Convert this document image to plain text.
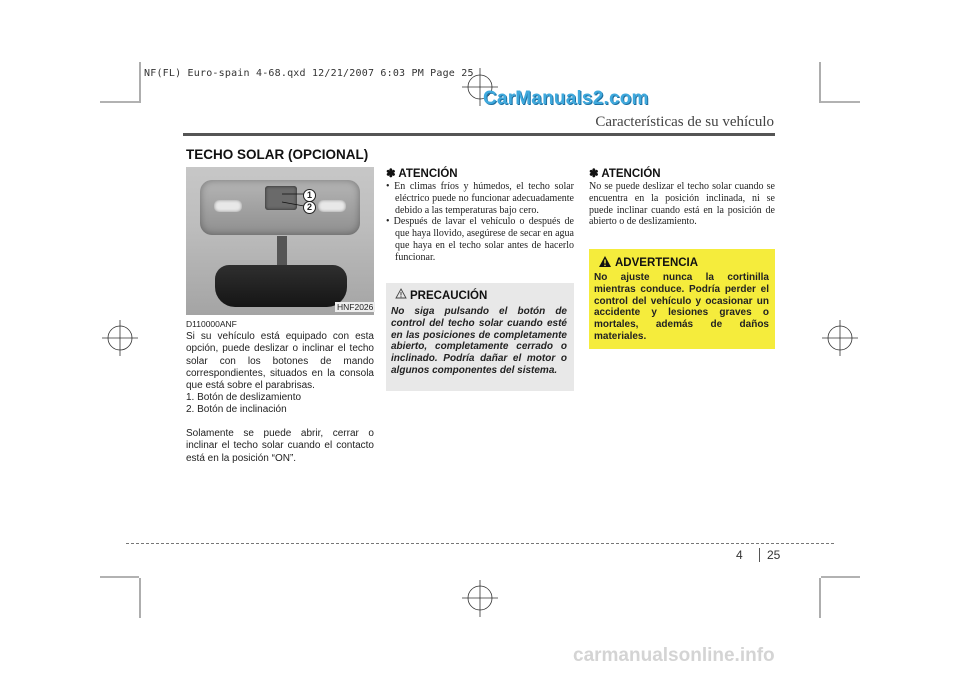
NF(FL) Euro-spain 4-68.qxd 12/21/2007 6:03 PM Page 25
CarManuals2.com
Características de su vehículo
TECHO SOLAR (OPCIONAL)
1
2
HNF2026
D110000ANF
Si su vehículo está equipado con esta opción, puede deslizar o inclinar el techo solar con los botones de mando correspondientes, situados en la consola que está sobre el parabrisas.
1. Botón de deslizamiento
2. Botón de inclinación
Solamente se puede abrir, cerrar o inclinar el techo solar cuando el contacto está en la posición “ON”.
✽ ATENCIÓN
• En climas fríos y húmedos, el techo solar eléctrico puede no funcionar adecuadamente debido a las temperaturas bajo cero.
• Después de lavar el vehículo o después de que haya llovido, asegúrese de secar en agua que haya en el techo solar antes de hacerlo funcionar.
PRECAUCIÓN
No siga pulsando el botón de control del techo solar cuando esté en las posiciones de completamente abierto, completamente cerrado o inclinado. Podría dañar el motor o algunos componentes del sistema.
✽ ATENCIÓN
No se puede deslizar el techo solar cuando se encuentra en la posición inclinada, ni se puede inclinar cuando está en la posición de abierto o de deslizamiento.
ADVERTENCIA
No ajuste nunca la cortinilla mientras conduce. Podría perder el control del vehículo y ocasionar un accidente y lesiones graves o mortales, además de daños materiales.
4 25
carmanualsonline.info
